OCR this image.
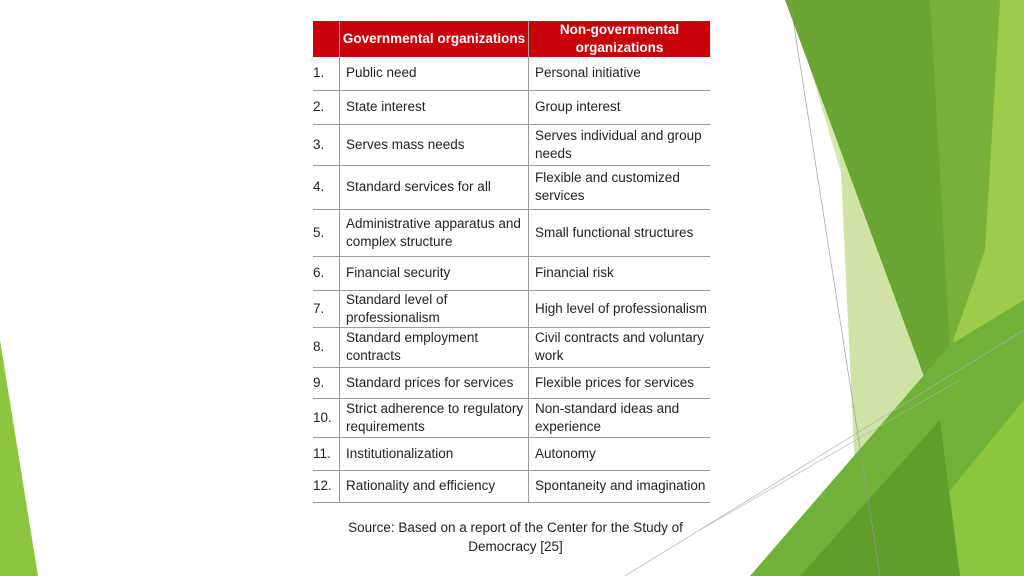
	Governmental organizations	Non-governmental organizations
1.	Public need	Personal initiative
2.	State interest	Group interest
3.	Serves mass needs	Serves individual and group needs
4.	Standard services for all	Flexible and customized services
5.	Administrative apparatus and complex structure	Small functional structures
6.	Financial security	Financial risk
7.	Standard level of professionalism	High level of professionalism
8.	Standard employment contracts	Civil contracts and voluntary work
9.	Standard prices for services	Flexible prices for services
10.	Strict adherence to regulatory requirements	Non-standard ideas and experience
11.	Institutionalization	Autonomy
12.	Rationality and efficiency	Spontaneity and imagination
Source: Based on a report of the Center for the Study of Democracy [25]
